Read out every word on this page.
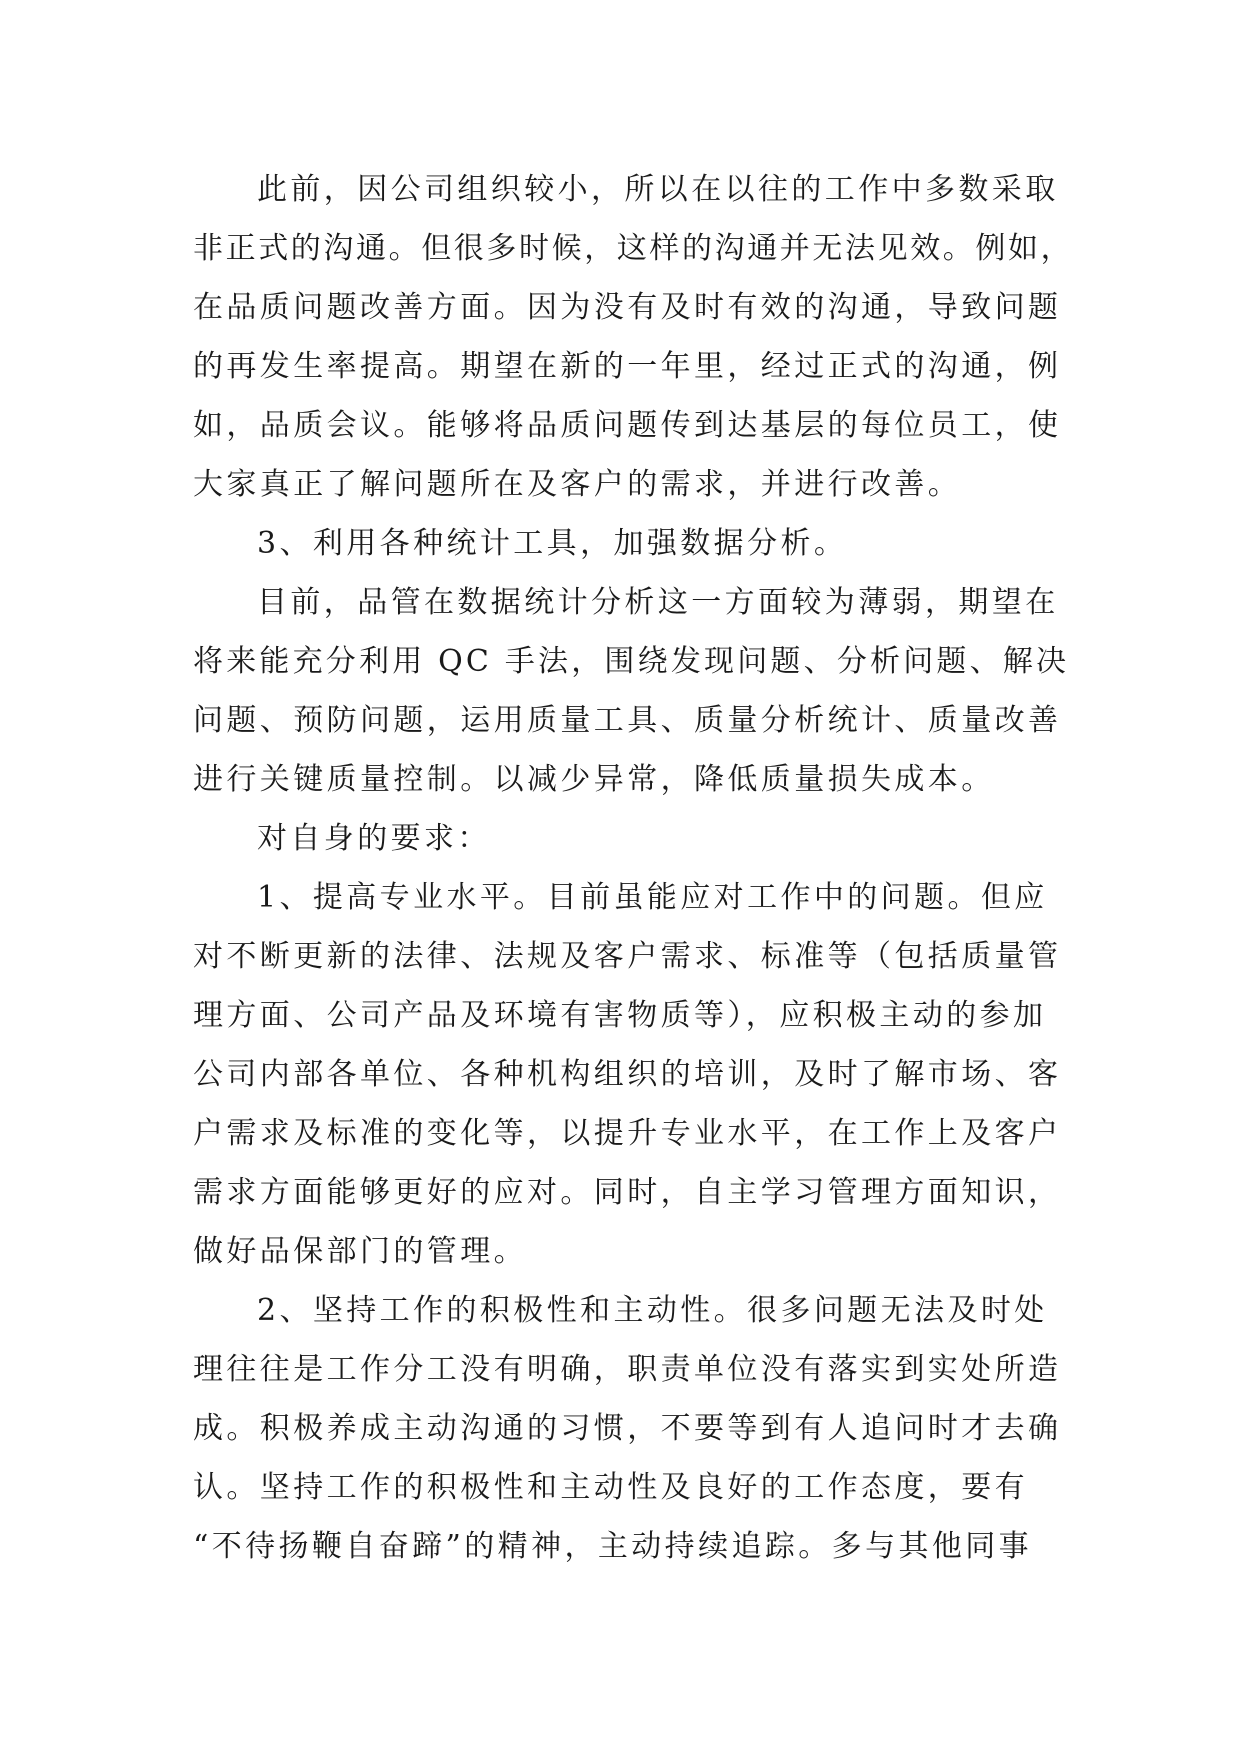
此前，因公司组织较小，所以在以往的工作中多数采取
非正式的沟通。但很多时候，这样的沟通并无法见效。例如，
在品质问题改善方面。因为没有及时有效的沟通，导致问题
的再发生率提高。期望在新的一年里，经过正式的沟通，例
如，品质会议。能够将品质问题传到达基层的每位员工，使
大家真正了解问题所在及客户的需求，并进行改善。
3、利用各种统计工具，加强数据分析。
目前，品管在数据统计分析这一方面较为薄弱，期望在
将来能充分利用 QC 手法，围绕发现问题、分析问题、解决
问题、预防问题，运用质量工具、质量分析统计、质量改善
进行关键质量控制。以减少异常，降低质量损失成本。
对自身的要求：
1、提高专业水平。目前虽能应对工作中的问题。但应
对不断更新的法律、法规及客户需求、标准等（包括质量管
理方面、公司产品及环境有害物质等），应积极主动的参加
公司内部各单位、各种机构组织的培训，及时了解市场、客
户需求及标准的变化等，以提升专业水平，在工作上及客户
需求方面能够更好的应对。同时，自主学习管理方面知识，
做好品保部门的管理。
2、坚持工作的积极性和主动性。很多问题无法及时处
理往往是工作分工没有明确，职责单位没有落实到实处所造
成。积极养成主动沟通的习惯，不要等到有人追问时才去确
认。坚持工作的积极性和主动性及良好的工作态度，要有
“不待扬鞭自奋蹄”的精神，主动持续追踪。多与其他同事
